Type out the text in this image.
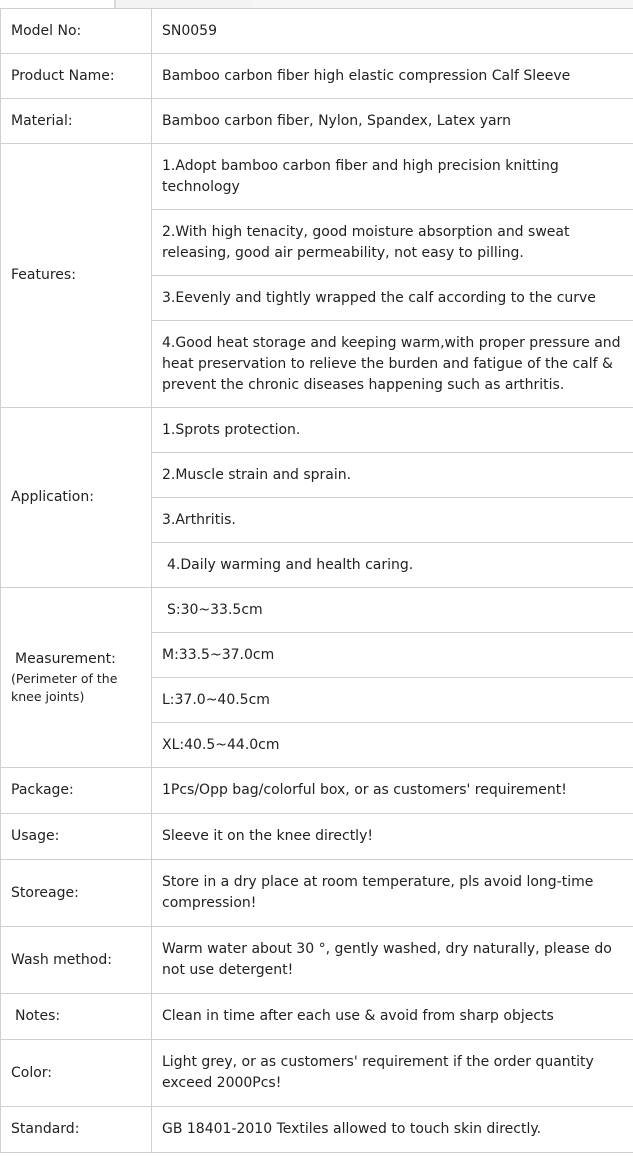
Model No:	SN0059
Product Name:	Bamboo carbon fiber high elastic compression Calf Sleeve
Material:	Bamboo carbon fiber, Nylon, Spandex, Latex yarn
Features:	1.Adopt bamboo carbon fiber and high precision knitting technology
	2.With high tenacity, good moisture absorption and sweat releasing, good air permeability, not easy to pilling.
	3.Eevenly and tightly wrapped the calf according to the curve
	4.Good heat storage and keeping warm,with proper pressure and heat preservation to relieve the burden and fatigue of the calf & prevent the chronic diseases happening such as arthritis.
Application:	1.Sprots protection.
	2.Muscle strain and sprain.
	3.Arthritis.
	4.Daily warming and health caring.
Measurement:
(Perimeter of the knee joints)	S:30~33.5cm
	M:33.5~37.0cm
	L:37.0~40.5cm
	XL:40.5~44.0cm
Package:	1Pcs/Opp bag/colorful box, or as customers' requirement!
Usage:	Sleeve it on the knee directly!
Storeage:	Store in a dry place at room temperature, pls avoid long-time compression!
Wash method:	Warm water about 30 °, gently washed, dry naturally, please do not use detergent!
Notes:	Clean in time after each use & avoid from sharp objects
Color:	Light grey, or as customers' requirement if the order quantity exceed 2000Pcs!
Standard:	GB 18401-2010 Textiles allowed to touch skin directly.
